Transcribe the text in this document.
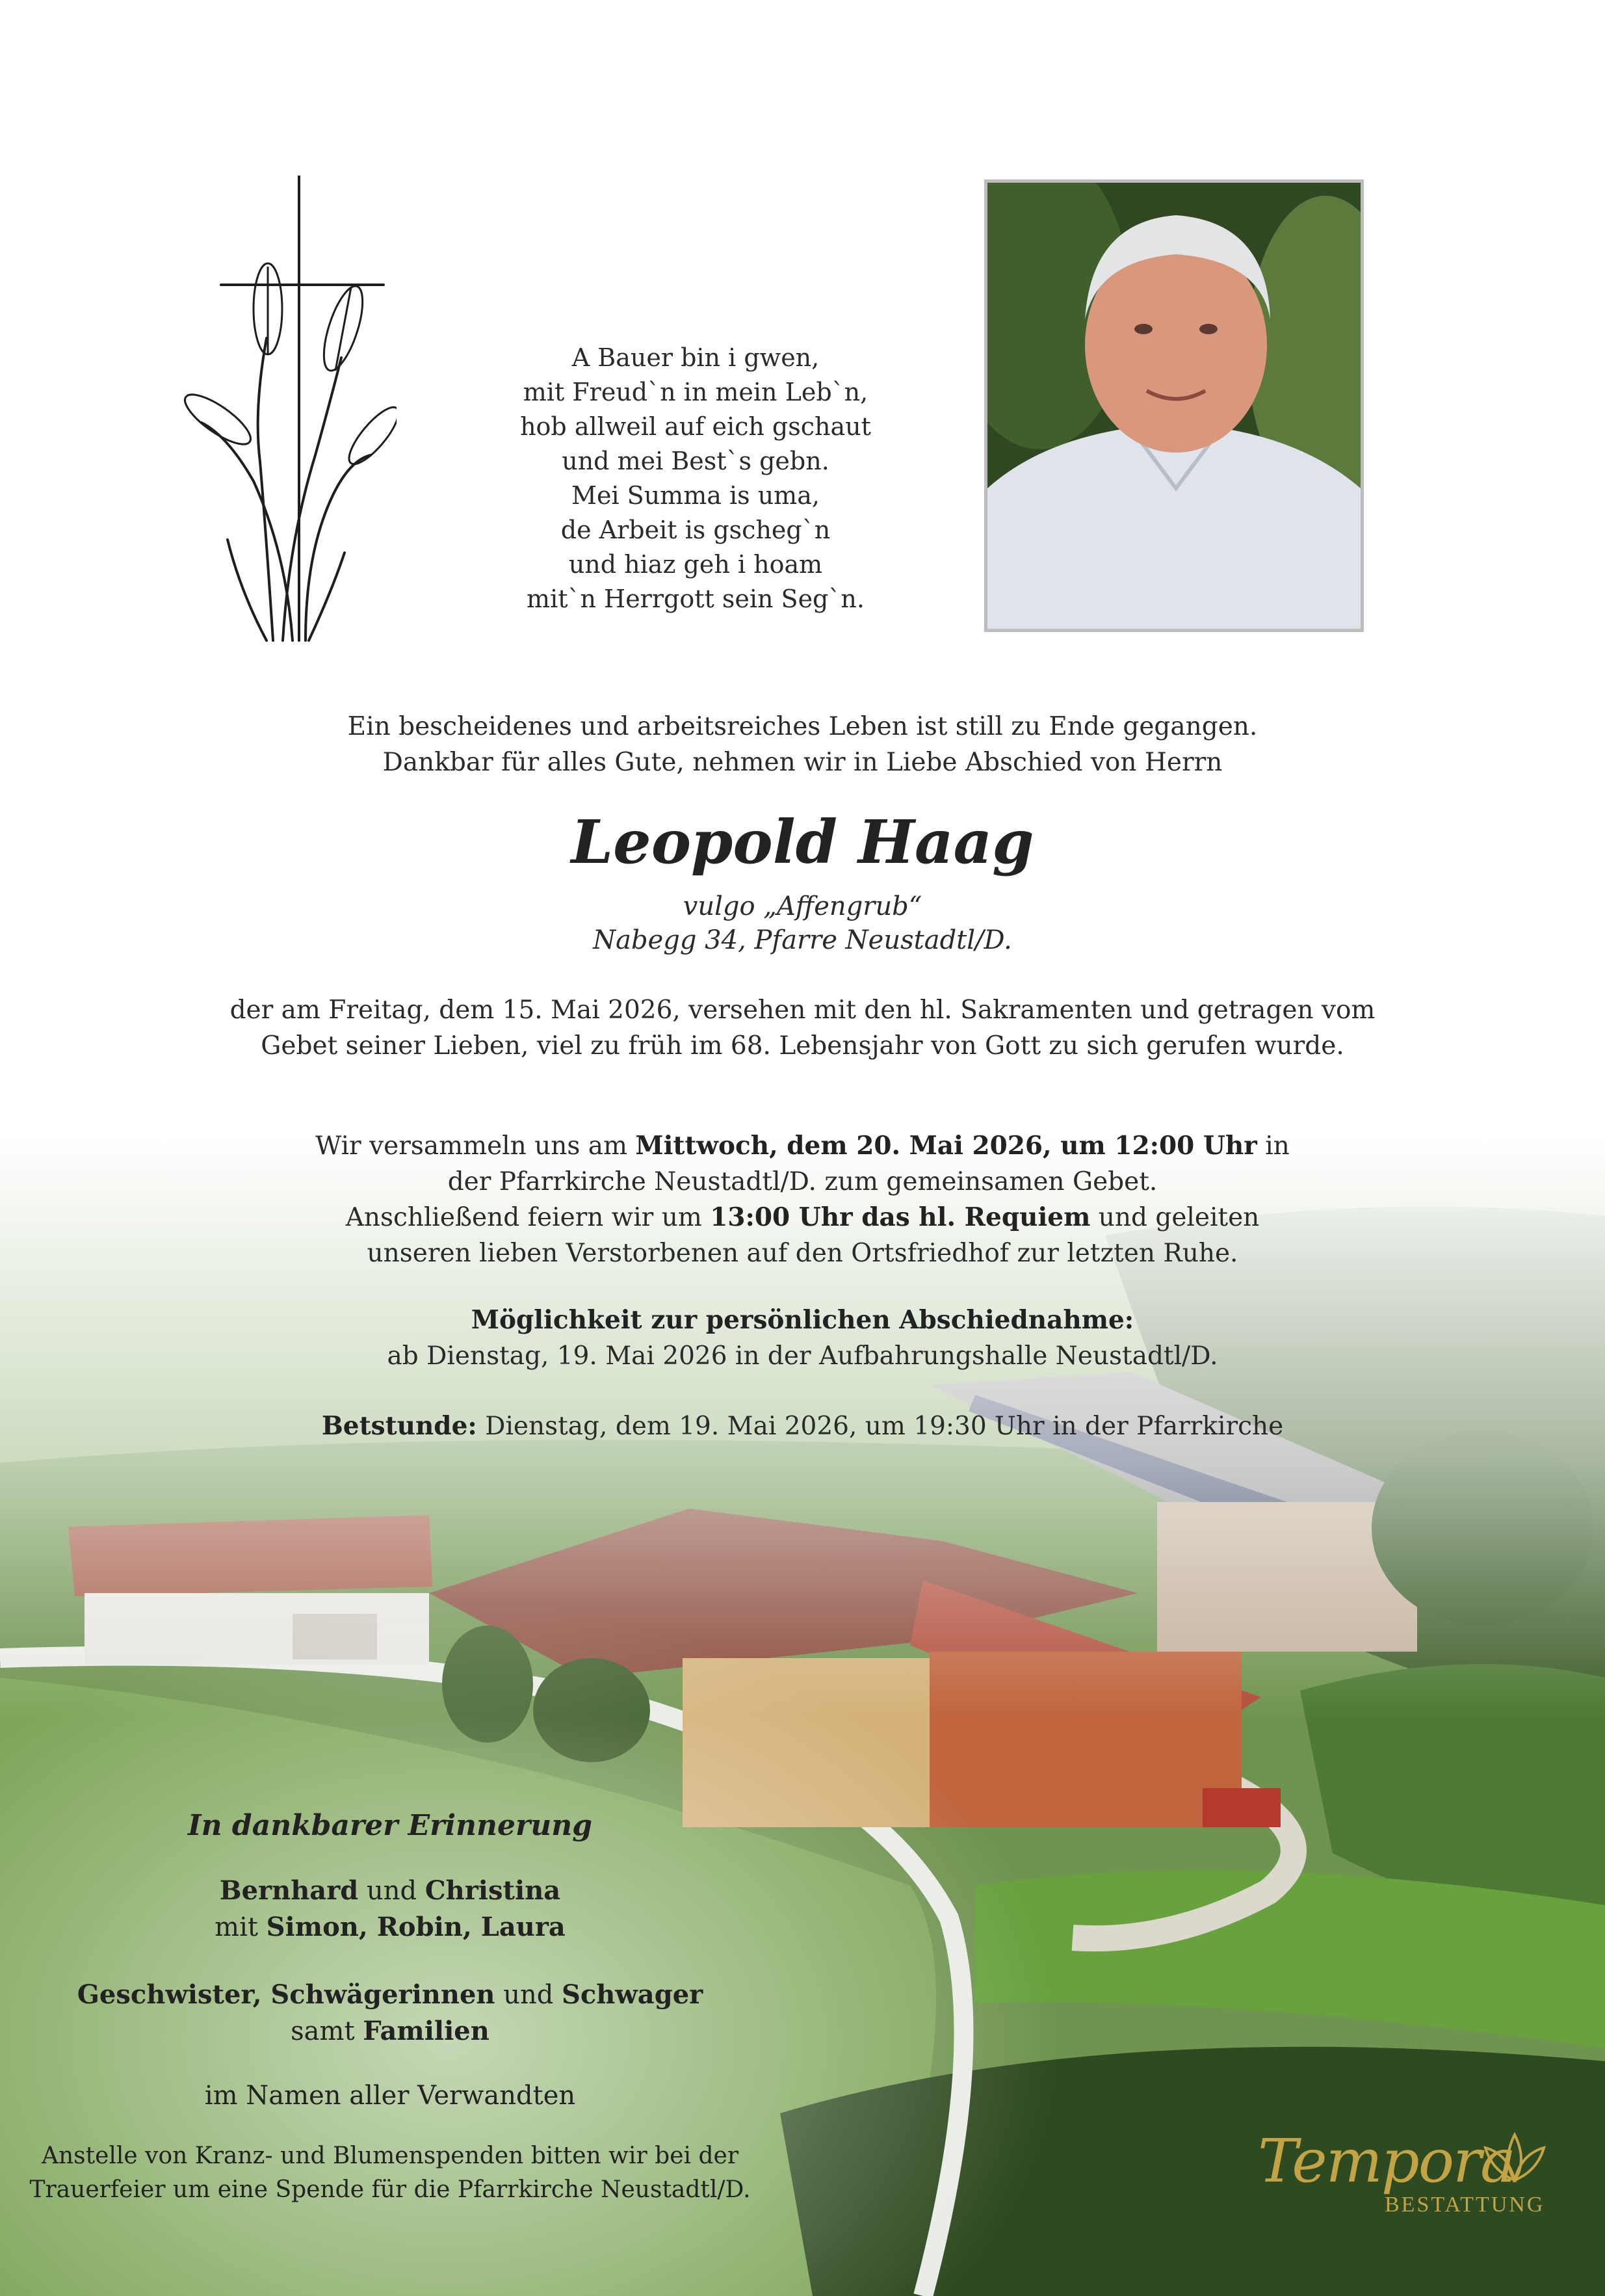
A Bauer bin i gwen,
mit Freud`n in mein Leb`n,
hob allweil auf eich gschaut
und mei Best`s gebn.
Mei Summa is uma,
de Arbeit is gscheg`n
und hiaz geh i hoam
mit`n Herrgott sein Seg`n.
Ein bescheidenes und arbeitsreiches Leben ist still zu Ende gegangen.
Dankbar für alles Gute, nehmen wir in Liebe Abschied von Herrn
Leopold Haag
vulgo „Affengrub“
Nabegg 34, Pfarre Neustadtl/D.
der am Freitag, dem 15. Mai 2026, versehen mit den hl. Sakramenten und getragen vom
Gebet seiner Lieben, viel zu früh im 68. Lebensjahr von Gott zu sich gerufen wurde.
Wir versammeln uns am Mittwoch, dem 20. Mai 2026, um 12:00 Uhr in
der Pfarrkirche Neustadtl/D. zum gemeinsamen Gebet.
Anschließend feiern wir um 13:00 Uhr das hl. Requiem und geleiten
unseren lieben Verstorbenen auf den Ortsfriedhof zur letzten Ruhe.
Möglichkeit zur persönlichen Abschiednahme:
ab Dienstag, 19. Mai 2026 in der Aufbahrungshalle Neustadtl/D.
Betstunde: Dienstag, dem 19. Mai 2026, um 19:30 Uhr in der Pfarrkirche
In dankbarer Erinnerung
Bernhard und Christina
mit Simon, Robin, Laura
Geschwister, Schwägerinnen und Schwager
samt Familien
im Namen aller Verwandten
Anstelle von Kranz- und Blumenspenden bitten wir bei der
Trauerfeier um eine Spende für die Pfarrkirche Neustadtl/D.	Tempora
BESTATTUNG
